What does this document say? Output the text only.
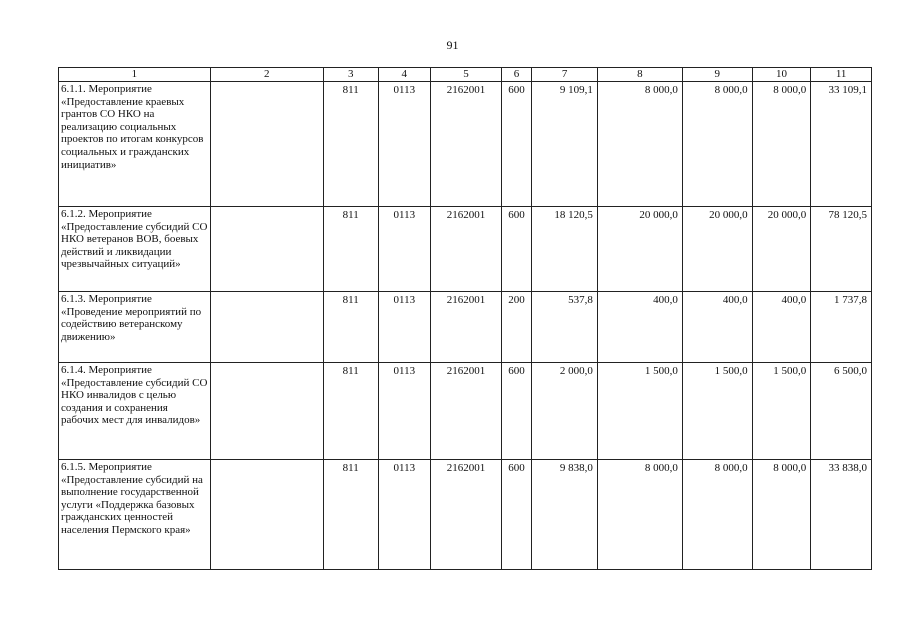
91
1	2	3	4	5	6	7	8	9	10	11
6.1.1. Мероприятие «Предоставление краевых грантов СО НКО на реализацию социальных проектов по итогам конкурсов социальных и гражданских инициатив»		811	0113	2162001	600	9 109,1	8 000,0	8 000,0	8 000,0	33 109,1
6.1.2. Мероприятие «Предоставление субсидий СО НКО ветеранов ВОВ, боевых действий и ликвидации чрезвычайных ситуаций»		811	0113	2162001	600	18 120,5	20 000,0	20 000,0	20 000,0	78 120,5
6.1.3. Мероприятие «Проведение мероприятий по содействию ветеранскому движению»		811	0113	2162001	200	537,8	400,0	400,0	400,0	1 737,8
6.1.4. Мероприятие «Предоставление субсидий СО НКО инвалидов с целью создания и сохранения рабочих мест для инвалидов»		811	0113	2162001	600	2 000,0	1 500,0	1 500,0	1 500,0	6 500,0
6.1.5. Мероприятие «Предоставление субсидий на выполнение государственной услуги «Поддержка базовых гражданских ценностей населения Пермского края»		811	0113	2162001	600	9 838,0	8 000,0	8 000,0	8 000,0	33 838,0
